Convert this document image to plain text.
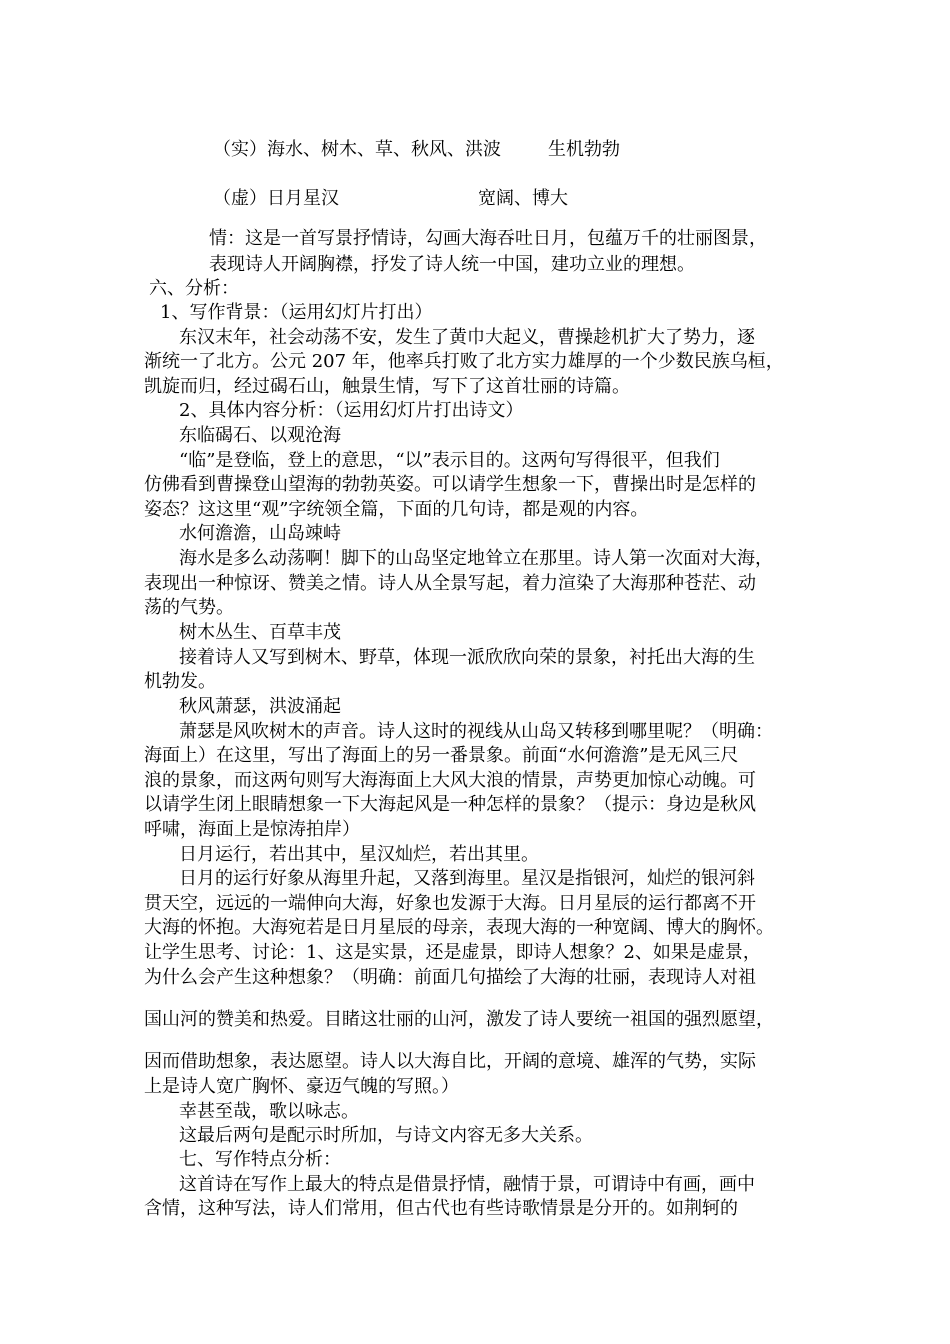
（实）海水、树木、草、秋风、洪波	生机勃勃
（虚）日月星汉	宽阔、博大
情：这是一首写景抒情诗，勾画大海吞吐日月，包蕴万千的壮丽图景，
表现诗人开阔胸襟，抒发了诗人统一中国，建功立业的理想。
六、分析：
1、写作背景：（运用幻灯片打出）
东汉末年，社会动荡不安，发生了黄巾大起义，曹操趁机扩大了势力，逐
渐统一了北方。公元 207 年，他率兵打败了北方实力雄厚的一个少数民族乌桓，
凯旋而归，经过碣石山，触景生情，写下了这首壮丽的诗篇。
2、具体内容分析：（运用幻灯片打出诗文）
东临碣石、以观沧海
“临”是登临，登上的意思，“以”表示目的。这两句写得很平，但我们
仿佛看到曹操登山望海的勃勃英姿。可以请学生想象一下，曹操出时是怎样的
姿态？这这里“观”字统领全篇，下面的几句诗，都是观的内容。
水何澹澹，山岛竦峙
海水是多么动荡啊！脚下的山岛坚定地耸立在那里。诗人第一次面对大海，
表现出一种惊讶、赞美之情。诗人从全景写起，着力渲染了大海那种苍茫、动
荡的气势。
树木丛生、百草丰茂
接着诗人又写到树木、野草，体现一派欣欣向荣的景象，衬托出大海的生
机勃发。
秋风萧瑟，洪波涌起
萧瑟是风吹树木的声音。诗人这时的视线从山岛又转移到哪里呢？（明确：
海面上）在这里，写出了海面上的另一番景象。前面“水何澹澹”是无风三尺
浪的景象，而这两句则写大海海面上大风大浪的情景，声势更加惊心动魄。可
以请学生闭上眼睛想象一下大海起风是一种怎样的景象？（提示：身边是秋风
呼啸，海面上是惊涛拍岸）
日月运行，若出其中，星汉灿烂，若出其里。
日月的运行好象从海里升起，又落到海里。星汉是指银河，灿烂的银河斜
贯天空，远远的一端伸向大海，好象也发源于大海。日月星辰的运行都离不开
大海的怀抱。大海宛若是日月星辰的母亲，表现大海的一种宽阔、博大的胸怀。
让学生思考、讨论：1、这是实景，还是虚景，即诗人想象？2、如果是虚景，
为什么会产生这种想象？（明确：前面几句描绘了大海的壮丽，表现诗人对祖
国山河的赞美和热爱。目睹这壮丽的山河，激发了诗人要统一祖国的强烈愿望，
因而借助想象，表达愿望。诗人以大海自比，开阔的意境、雄浑的气势，实际
上是诗人宽广胸怀、豪迈气魄的写照。）
幸甚至哉，歌以咏志。
这最后两句是配示时所加，与诗文内容无多大关系。
七、写作特点分析：
这首诗在写作上最大的特点是借景抒情，融情于景，可谓诗中有画，画中
含情，这种写法，诗人们常用，但古代也有些诗歌情景是分开的。如荆轲的
